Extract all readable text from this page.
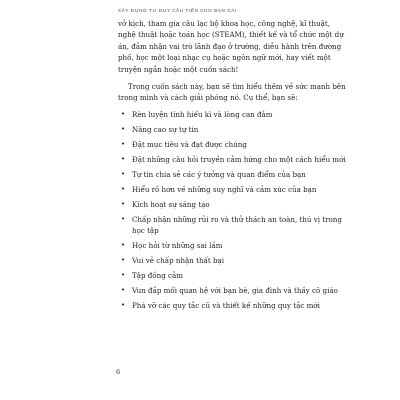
XÂY DỰNG TƯ DUY CẦU TIẾN CHO BẠN GÁI

vở kịch, tham gia câu lạc bộ khoa học, công nghệ, kĩ thuật, nghệ thuật hoặc toán học (STEAM), thiết kế và tổ chức một dự án, đảm nhận vai trò lãnh đạo ở trường, diễu hành trên đường phố, học một loại nhạc cụ hoặc ngôn ngữ mới, hay viết một truyện ngắn hoặc một cuốn sách!

Trong cuốn sách này, bạn sẽ tìm hiểu thêm về sức mạnh bên trong mình và cách giải phóng nó. Cụ thể, bạn sẽ:

• Rèn luyện tính hiếu kì và lòng can đảm
• Nâng cao sự tự tin
• Đặt mục tiêu và đạt được chúng
• Đặt những câu hỏi truyền cảm hứng cho một cách hiểu mới
• Tự tin chia sẻ các ý tưởng và quan điểm của bạn
• Hiểu rõ hơn về những suy nghĩ và cảm xúc của bạn
• Kích hoạt sự sáng tạo
• Chấp nhận những rủi ro và thử thách an toàn, thú vị trong học tập
• Học hỏi từ những sai lầm
• Vui vẻ chấp nhận thất bại
• Tập đồng cảm
• Vun đắp mối quan hệ với bạn bè, gia đình và thầy cô giáo
• Phá vỡ các quy tắc cũ và thiết kế những quy tắc mới
6
